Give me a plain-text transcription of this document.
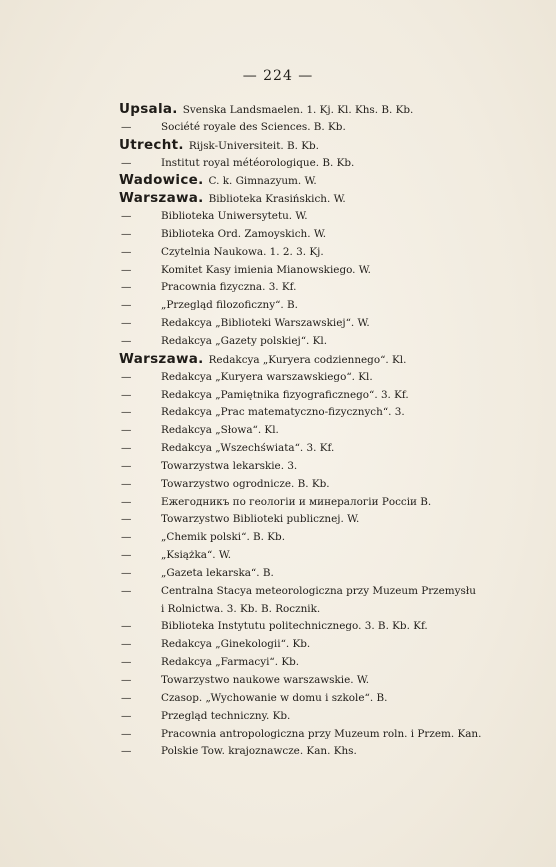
— 224 —
Upsala. Svenska Landsmaelen. 1. Kj. Kl. Khs. B. Kb.
—	Société royale des Sciences. B. Kb.
Utrecht. Rijsk-Universiteit. B. Kb.
—	Institut royal météorologique. B. Kb.
Wadowice. C. k. Gimnazyum. W.
Warszawa. Biblioteka Krasińskich. W.
—	Biblioteka Uniwersytetu. W.
—	Biblioteka Ord. Zamoyskich. W.
—	Czytelnia Naukowa. 1. 2. 3. Kj.
—	Komitet Kasy imienia Mianowskiego. W.
—	Pracownia fizyczna. 3. Kf.
—	„Przegląd filozoficzny“. B.
—	Redakcya „Biblioteki Warszawskiej“. W.
—	Redakcya „Gazety polskiej“. Kl.
Warszawa. Redakcya „Kuryera codziennego“. Kl.
—	Redakcya „Kuryera warszawskiego“. Kl.
—	Redakcya „Pamiętnika fizyograficznego“. 3. Kf.
—	Redakcya „Prac matematyczno-fizycznych“. 3.
—	Redakcya „Słowa“. Kl.
—	Redakcya „Wszechświata“. 3. Kf.
—	Towarzystwa lekarskie. 3.
—	Towarzystwo ogrodnicze. B. Kb.
—	Ежегодникъ по геологіи и минералогіи Россіи B.
—	Towarzystwo Biblioteki publicznej. W.
—	„Chemik polski“. B. Kb.
—	„Książka“. W.
—	„Gazeta lekarska“. B.
—	Centralna Stacya meteorologiczna przy Muzeum Przemysłu
i Rolnictwa. 3. Kb. B. Rocznik.
—	Biblioteka Instytutu politechnicznego. 3. B. Kb. Kf.
—	Redakcya „Ginekologii“. Kb.
—	Redakcya „Farmacyi“. Kb.
—	Towarzystwo naukowe warszawskie. W.
—	Czasop. „Wychowanie w domu i szkole“. B.
—	Przegląd techniczny. Kb.
—	Pracownia antropologiczna przy Muzeum roln. i Przem. Kan.
—	Polskie Tow. krajoznawcze. Kan. Khs.
